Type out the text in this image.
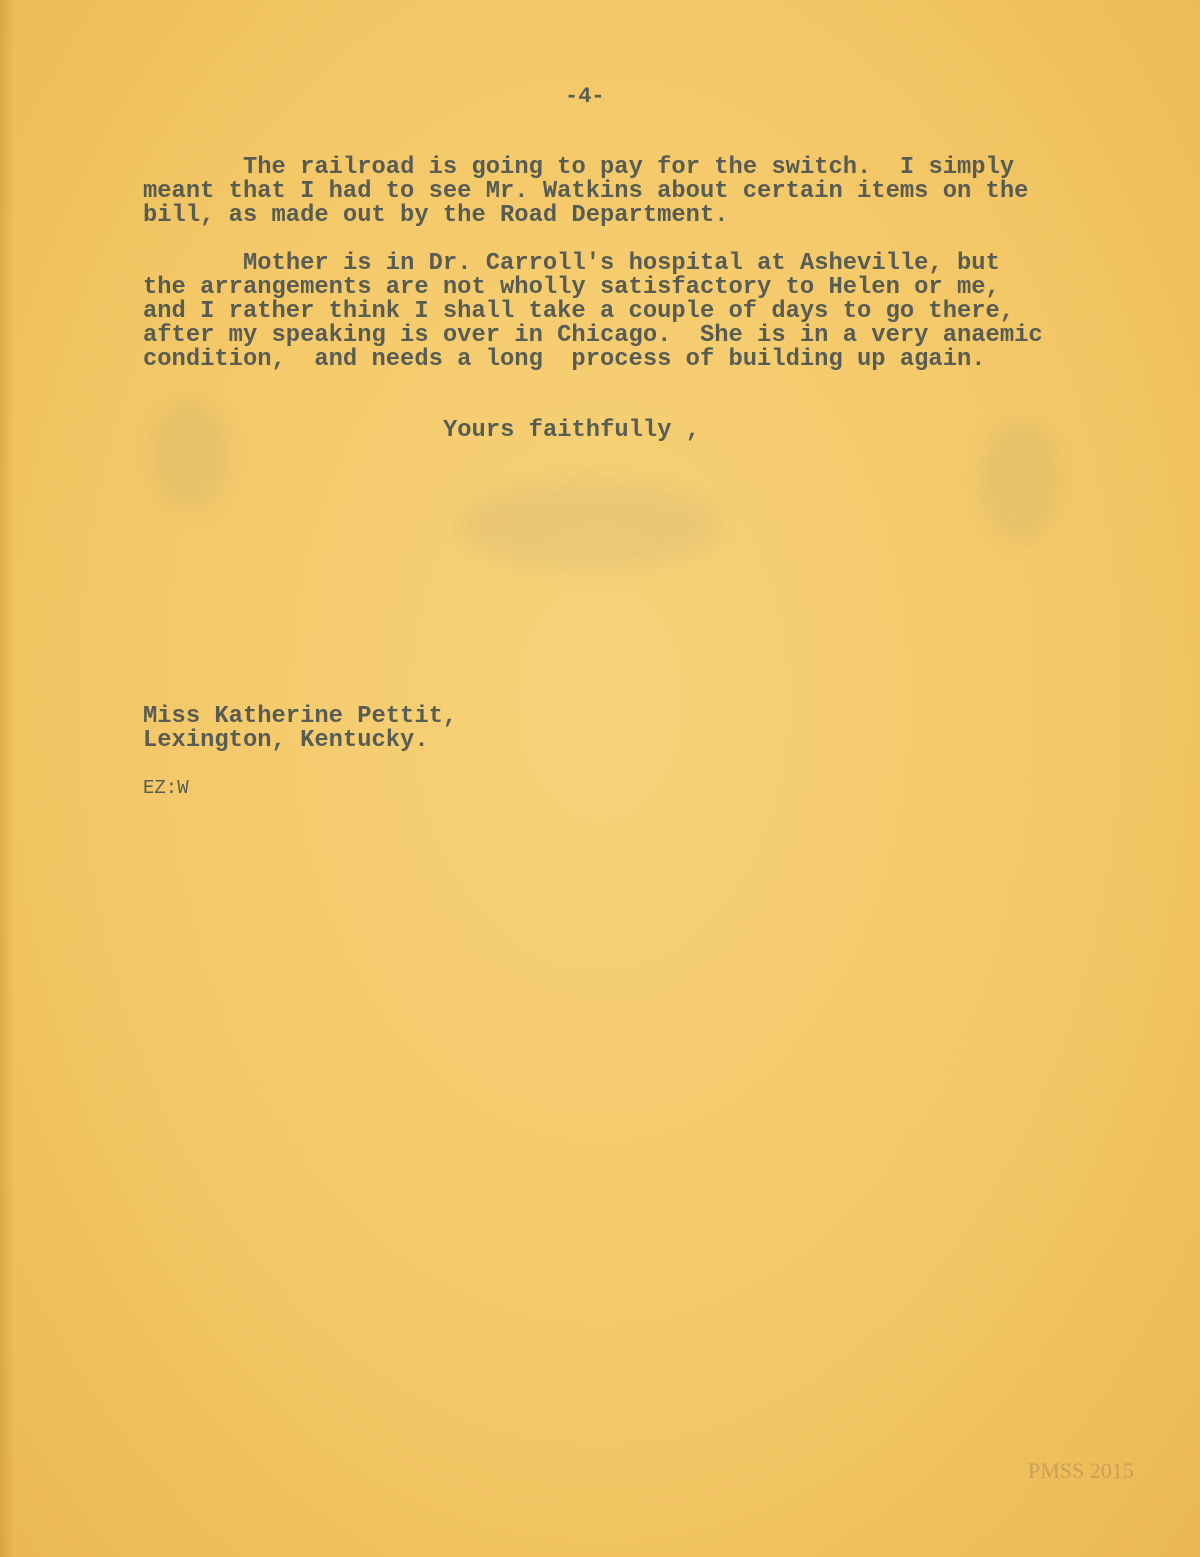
-4-
The railroad is going to pay for the switch.  I simply
meant that I had to see Mr. Watkins about certain items on the
bill, as made out by the Road Department.
Mother is in Dr. Carroll's hospital at Asheville, but
the arrangements are not wholly satisfactory to Helen or me,
and I rather think I shall take a couple of days to go there,
after my speaking is over in Chicago.  She is in a very anaemic
condition,  and needs a long  process of building up again.
Yours faithfully ,
Miss Katherine Pettit,
Lexington, Kentucky.
EZ:W
PMSS 2015
